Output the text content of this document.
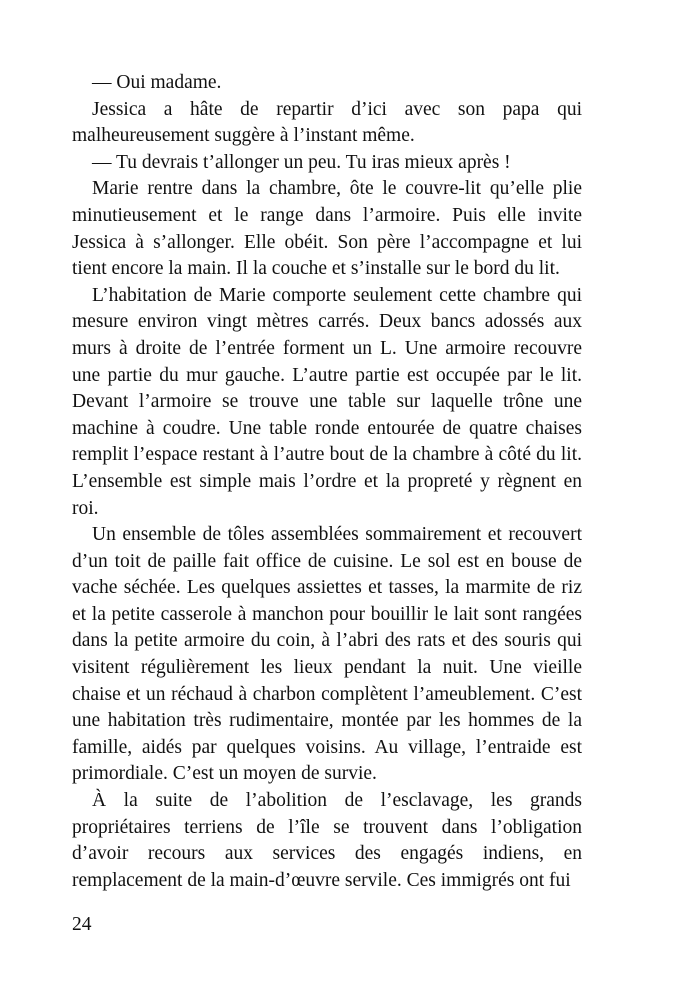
— Oui madame.

Jessica a hâte de repartir d’ici avec son papa qui malheureusement suggère à l’instant même.

— Tu devrais t’allonger un peu. Tu iras mieux après !

Marie rentre dans la chambre, ôte le couvre-lit qu’elle plie minutieusement et le range dans l’armoire. Puis elle invite Jessica à s’allonger. Elle obéit. Son père l’accompagne et lui tient encore la main. Il la couche et s’installe sur le bord du lit.

L’habitation de Marie comporte seulement cette chambre qui mesure environ vingt mètres carrés. Deux bancs adossés aux murs à droite de l’entrée forment un L. Une armoire recouvre une partie du mur gauche. L’autre partie est occupée par le lit. Devant l’armoire se trouve une table sur laquelle trône une machine à coudre. Une table ronde entourée de quatre chaises remplit l’espace restant à l’autre bout de la chambre à côté du lit. L’ensemble est simple mais l’ordre et la propreté y règnent en roi.

Un ensemble de tôles assemblées sommairement et recouvert d’un toit de paille fait office de cuisine. Le sol est en bouse de vache séchée. Les quelques assiettes et tasses, la marmite de riz et la petite casserole à manchon pour bouillir le lait sont rangées dans la petite armoire du coin, à l’abri des rats et des souris qui visitent régulièrement les lieux pendant la nuit. Une vieille chaise et un réchaud à charbon complètent l’ameublement. C’est une habitation très rudimentaire, montée par les hommes de la famille, aidés par quelques voisins. Au village, l’entraide est primordiale. C’est un moyen de survie.

À la suite de l’abolition de l’esclavage, les grands propriétaires terriens de l’île se trouvent dans l’obligation d’avoir recours aux services des engagés indiens, en remplacement de la main-d’œuvre servile. Ces immigrés ont fui

24
